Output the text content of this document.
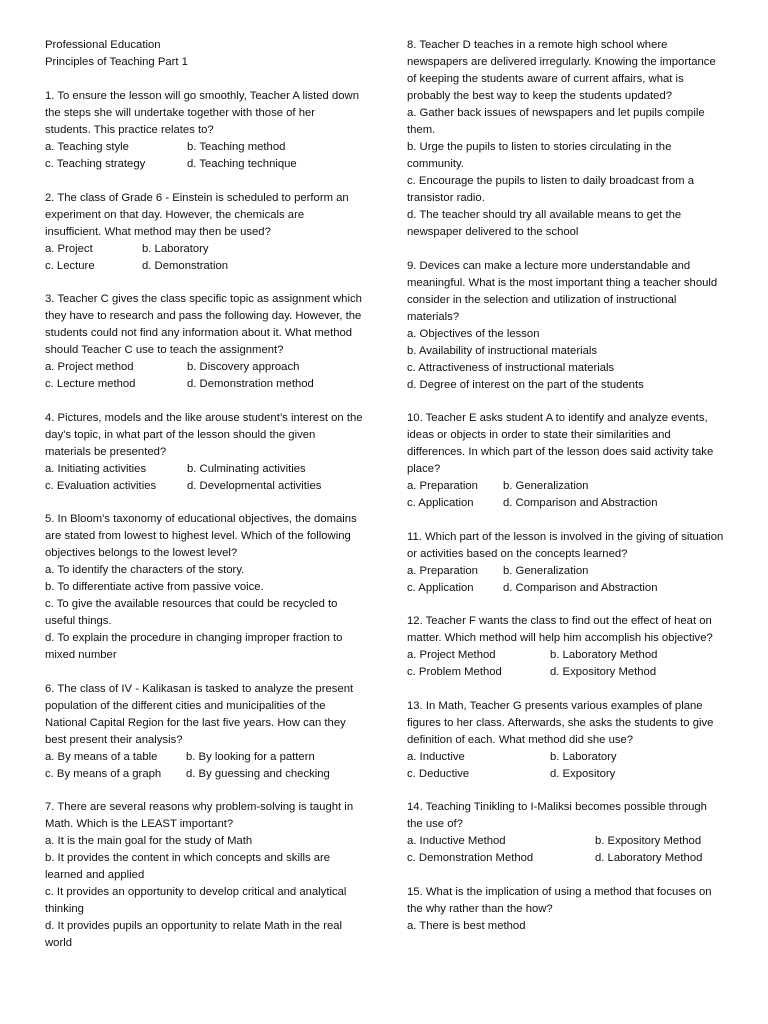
Professional Education

Principles of Teaching Part 1

1. To ensure the lesson will go smoothly, Teacher A listed down the steps she will undertake together with those of her students. This practice relates to?

a. Teaching style	b. Teaching method
c. Teaching strategy	d. Teaching technique

2. The class of Grade 6 - Einstein is scheduled to perform an experiment on that day. However, the chemicals are insufficient. What method may then be used?

a. Project	b. Laboratory
c. Lecture	d. Demonstration

3. Teacher C gives the class specific topic as assignment which they have to research and pass the following day. However, the students could not find any information about it. What method should Teacher C use to teach the assignment?

a. Project method	b. Discovery approach
c. Lecture method	d. Demonstration method

4. Pictures, models and the like arouse student’s interest on the day's topic, in what part of the lesson should the given materials be presented?

a. Initiating activities	b. Culminating activities
c. Evaluation activities	d. Developmental activities

5. In Bloom's taxonomy of educational objectives, the domains are stated from lowest to highest level. Which of the following objectives belongs to the lowest level?

a. To identify the characters of the story.
b. To differentiate active from passive voice.
c. To give the available resources that could be recycled to useful things.
d. To explain the procedure in changing improper fraction to mixed number

6. The class of IV - Kalikasan is tasked to analyze the present population of the different cities and municipalities of the National Capital Region for the last five years. How can they best present their analysis?

a. By means of a table	b. By looking for a pattern
c. By means of a graph	d. By guessing and checking

7. There are several reasons why problem-solving is taught in Math. Which is the LEAST important?

a. It is the main goal for the study of Math
b. It provides the content in which concepts and skills are learned and applied
c. It provides an opportunity to develop critical and analytical thinking
d. It provides pupils an opportunity to relate Math in the real world

8. Teacher D teaches in a remote high school where newspapers are delivered irregularly. Knowing the importance of keeping the students aware of current affairs, what is probably the best way to keep the students updated?

a. Gather back issues of newspapers and let pupils compile them.
b. Urge the pupils to listen to stories circulating in the community.
c. Encourage the pupils to listen to daily broadcast from a transistor radio.
d. The teacher should try all available means to get the newspaper delivered to the school

9. Devices can make a lecture more understandable and meaningful. What is the most important thing a teacher should consider in the selection and utilization of instructional materials?

a. Objectives of the lesson
b. Availability of instructional materials
c. Attractiveness of instructional materials
d. Degree of interest on the part of the students

10. Teacher E asks student A to identify and analyze events, ideas or objects in order to state their similarities and differences. In which part of the lesson does said activity take place?

a. Preparation	b. Generalization
c. Application	d. Comparison and Abstraction

11. Which part of the lesson is involved in the giving of situation or activities based on the concepts learned?

a. Preparation	b. Generalization
c. Application	d. Comparison and Abstraction

12. Teacher F wants the class to find out the effect of heat on matter. Which method will help him accomplish his objective?

a. Project Method	b. Laboratory Method
c. Problem Method	d. Expository Method

13. In Math, Teacher G presents various examples of plane figures to her class. Afterwards, she asks the students to give definition of each. What method did she use?

a. Inductive	b. Laboratory
c. Deductive	d. Expository

14. Teaching Tinikling to I-Maliksi becomes possible through the use of?

a. Inductive Method	b. Expository Method
c. Demonstration Method	d. Laboratory Method

15. What is the implication of using a method that focuses on the why rather than the how?

a. There is best method
